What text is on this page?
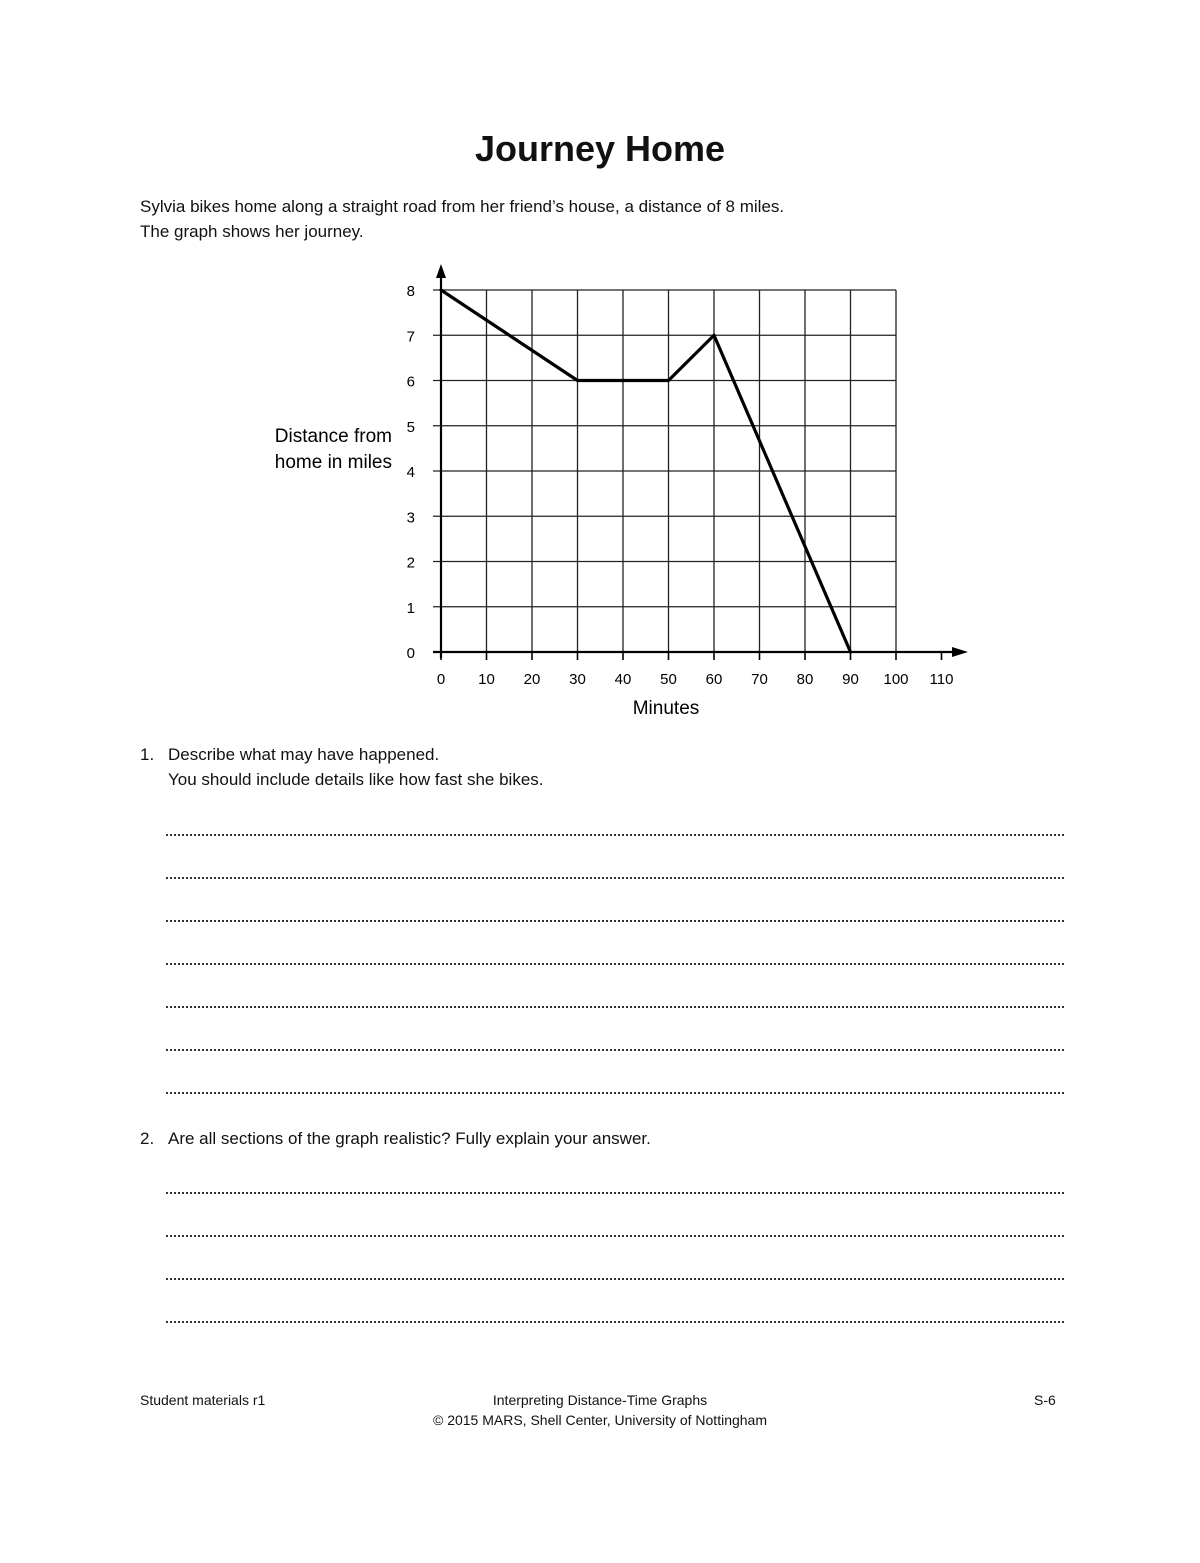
Journey Home

Sylvia bikes home along a straight road from her friend’s house, a distance of 8 miles.

The graph shows her journey.

0 10 20 30 40 50 60 70 80 90 100 110
0
1
2
3
4
5
6
7
8
Distance from
home in miles
Minutes
1. Describe what may have happened.

You should include details like how fast she bikes.

2. Are all sections of the graph realistic? Fully explain your answer.

Student materials r1	Interpreting Distance-Time Graphs

© 2015 MARS, Shell Center, University of Nottingham

S-6
